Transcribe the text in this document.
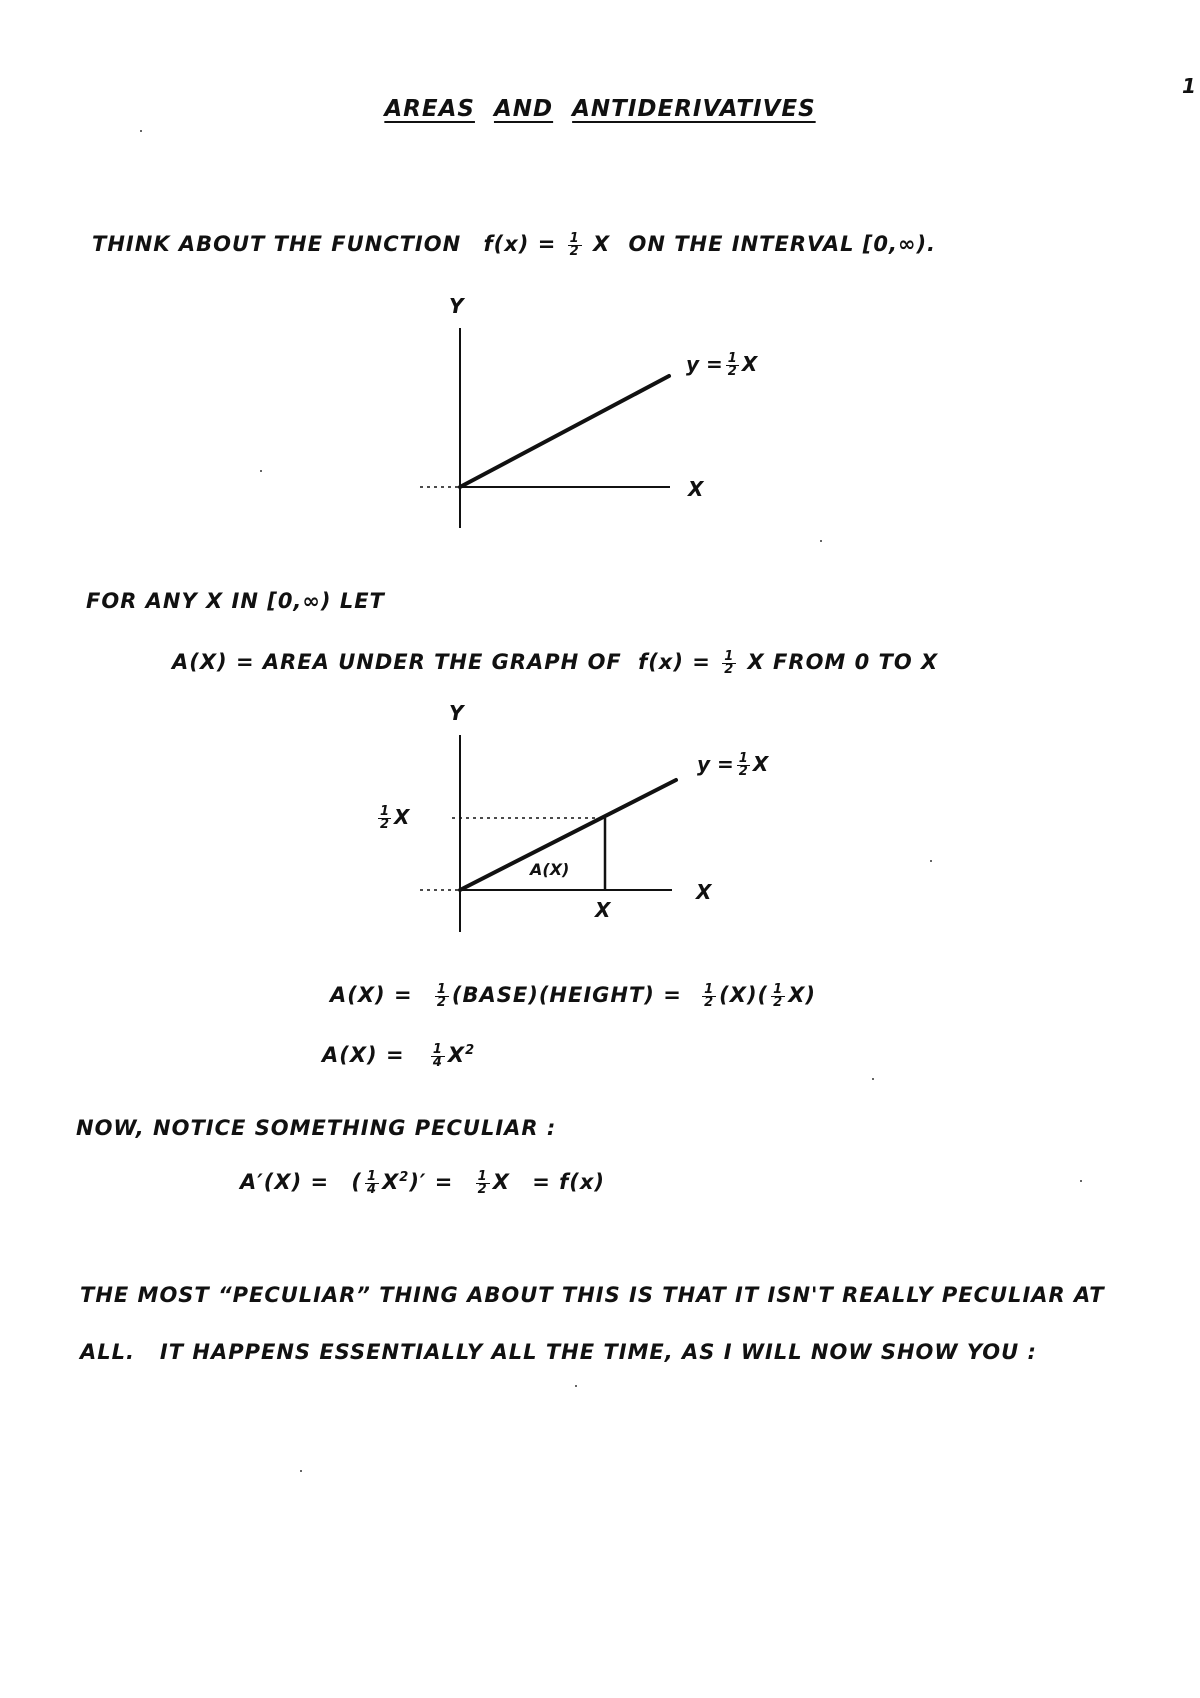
1
AREAS AND ANTIDERIVATIVES
THINK ABOUT THE FUNCTION $f(x) = \frac{1}{2}$ X ON THE INTERVAL [0,∞).
Y
X
$y = \frac{1}{2}$ X
FOR ANY X IN [0,∞) LET
A(X) = AREA UNDER THE GRAPH OF $f(x) = \frac{1}{2}$ X FROM 0 TO X
Y
X
$y = \frac{1}{2}$ X
$\frac{1}{2}$ X
A(X)
X
$A(X) = \frac{1}{2}$ (BASE)(HEIGHT) = $\frac{1}{2} (X)( \frac{1}{2} X)$
$A(X) = \frac{1}{4} X^2$
NOW, NOTICE SOMETHING PECULIAR :
A′(X) = ( $\frac{1}{4} X^2)' = \frac{1}{2}$ X = f(x)
THE MOST “PECULIAR” THING ABOUT THIS IS THAT IT ISN'T REALLY PECULIAR AT
ALL.   IT HAPPENS ESSENTIALLY ALL THE TIME, AS I WILL NOW SHOW YOU :
